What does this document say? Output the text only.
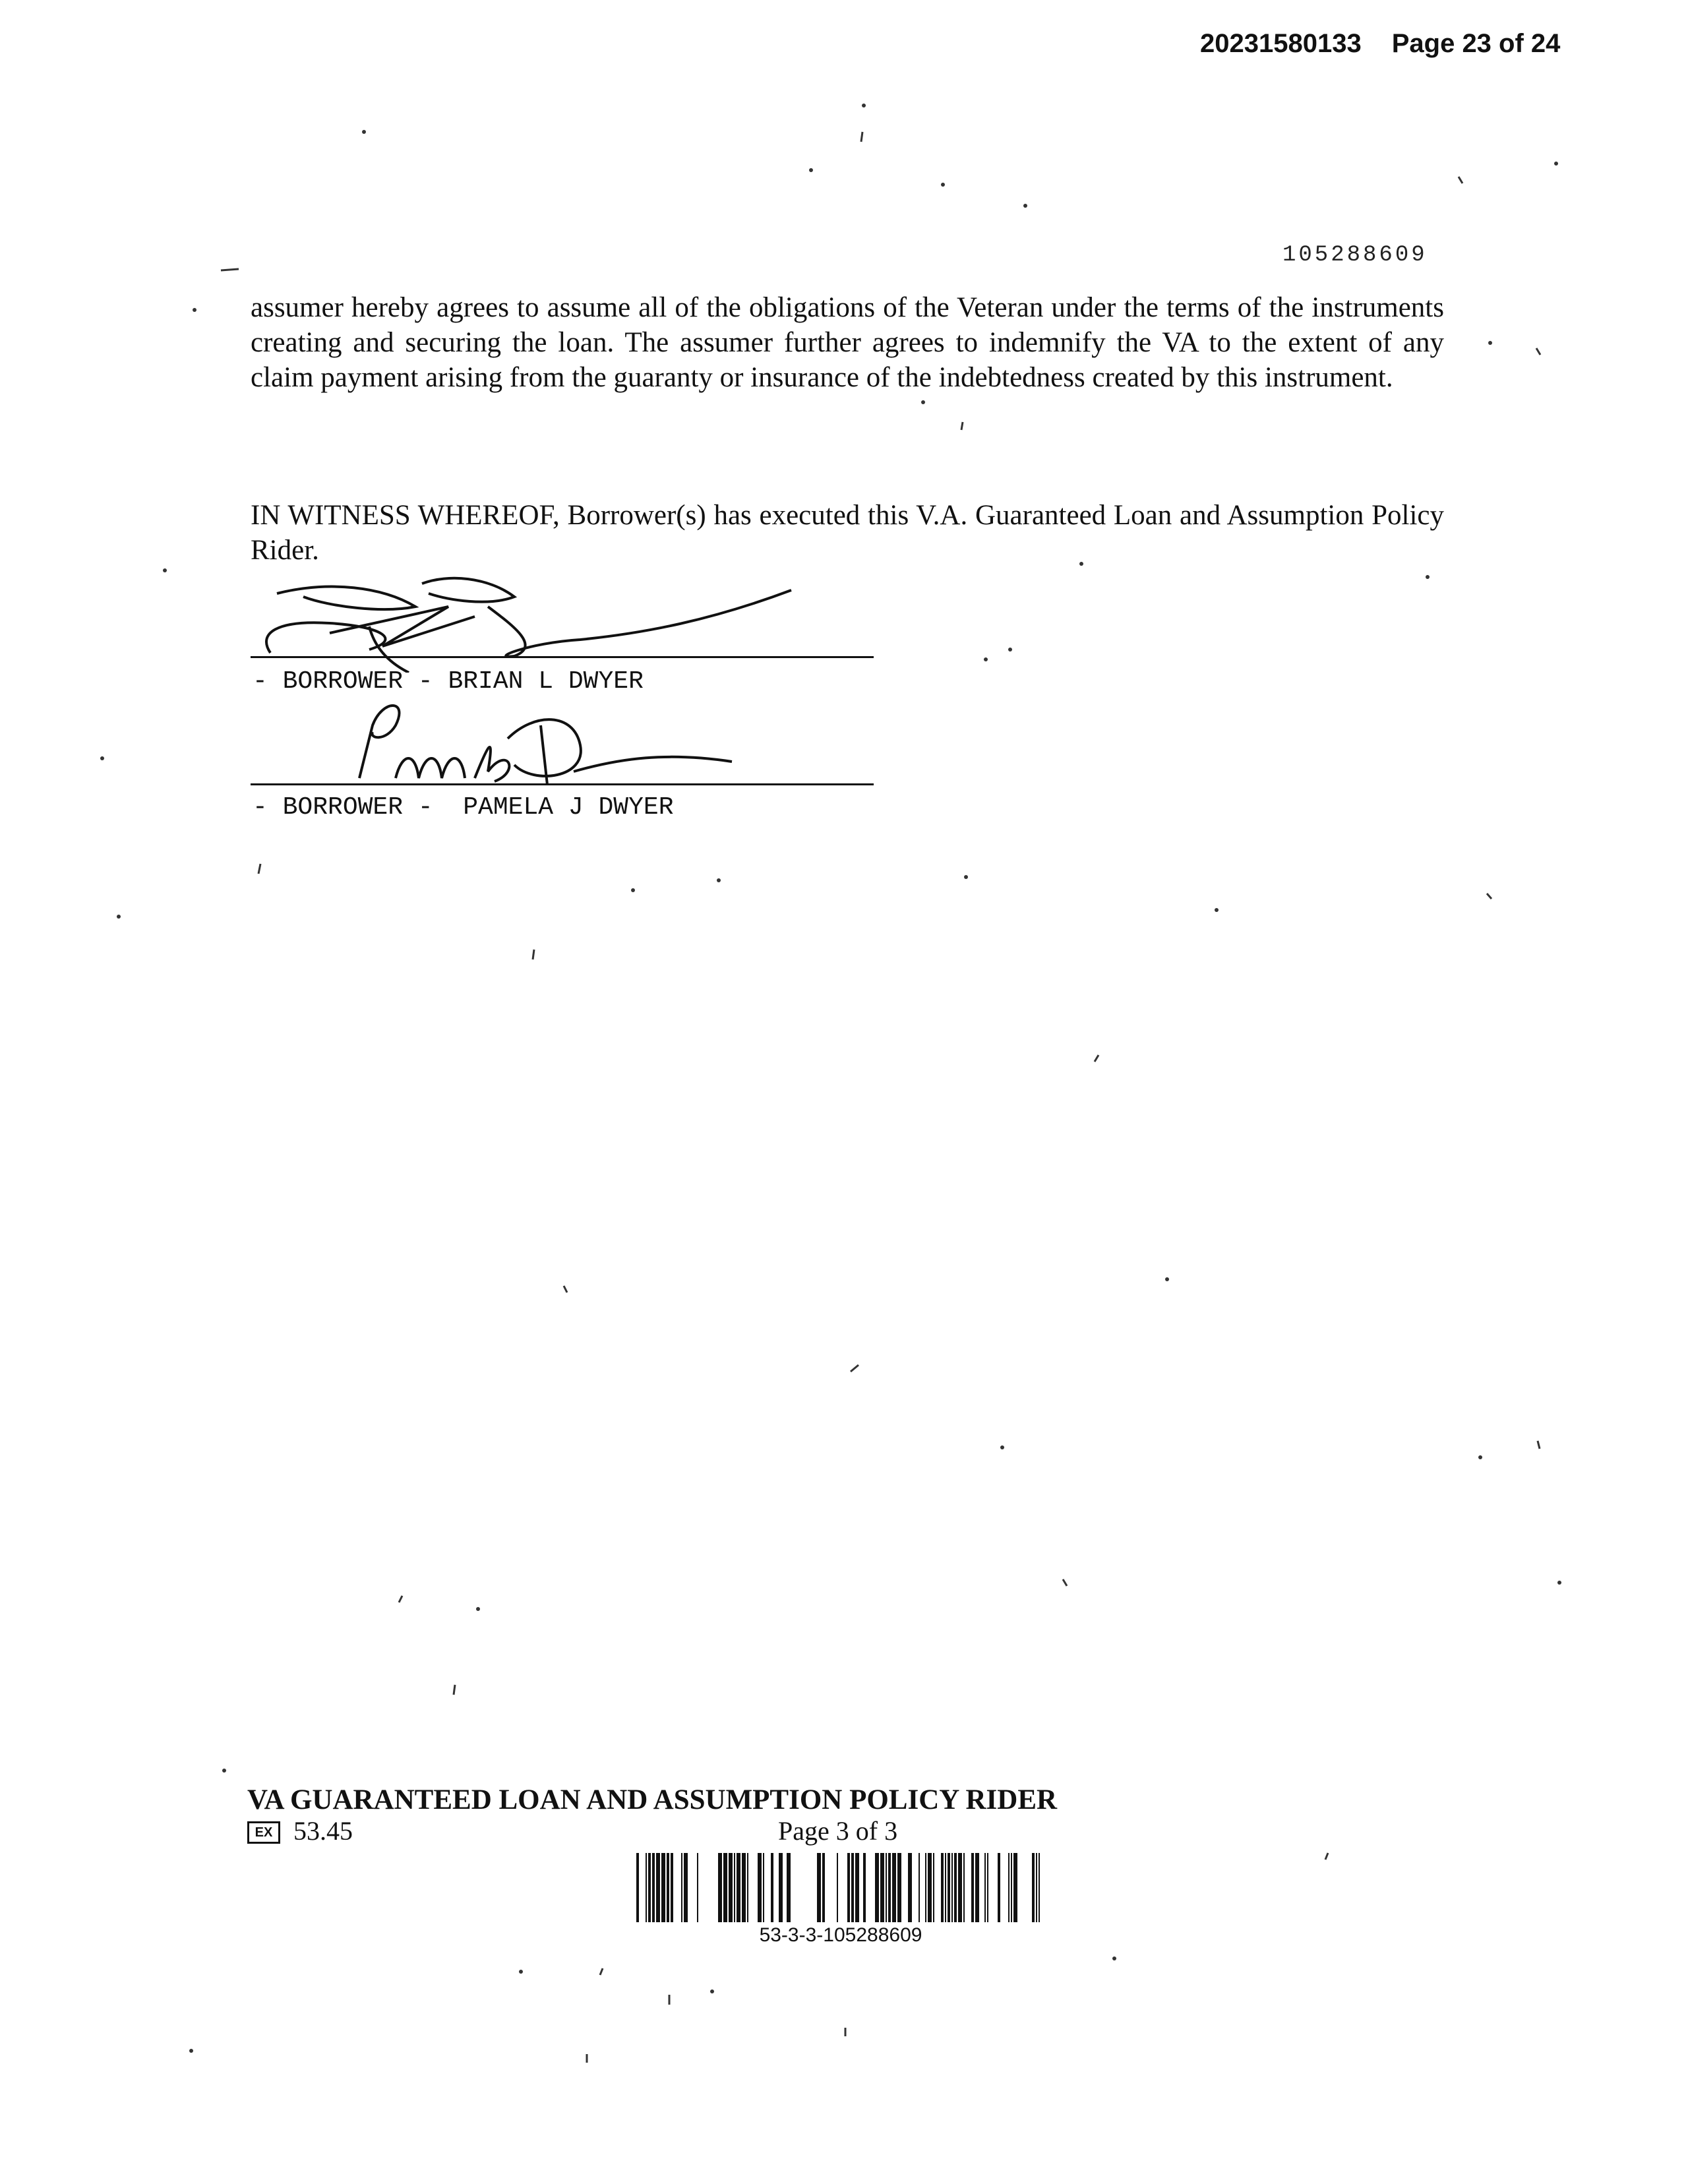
20231580133 Page 23 of 24
105288609
assumer hereby agrees to assume all of the obligations of the Veteran under the terms of the instruments creating and securing the loan. The assumer further agrees to indemnify the VA to the extent of any claim payment arising from the guaranty or insurance of the indebtedness created by this instrument.
IN WITNESS WHEREOF, Borrower(s) has executed this V.A. Guaranteed Loan and Assumption Policy Rider.
- BORROWER - BRIAN L DWYER
- BORROWER -  PAMELA J DWYER
VA GUARANTEED LOAN AND ASSUMPTION POLICY RIDER
EX 53.45	Page 3 of 3
53-3-3-105288609
